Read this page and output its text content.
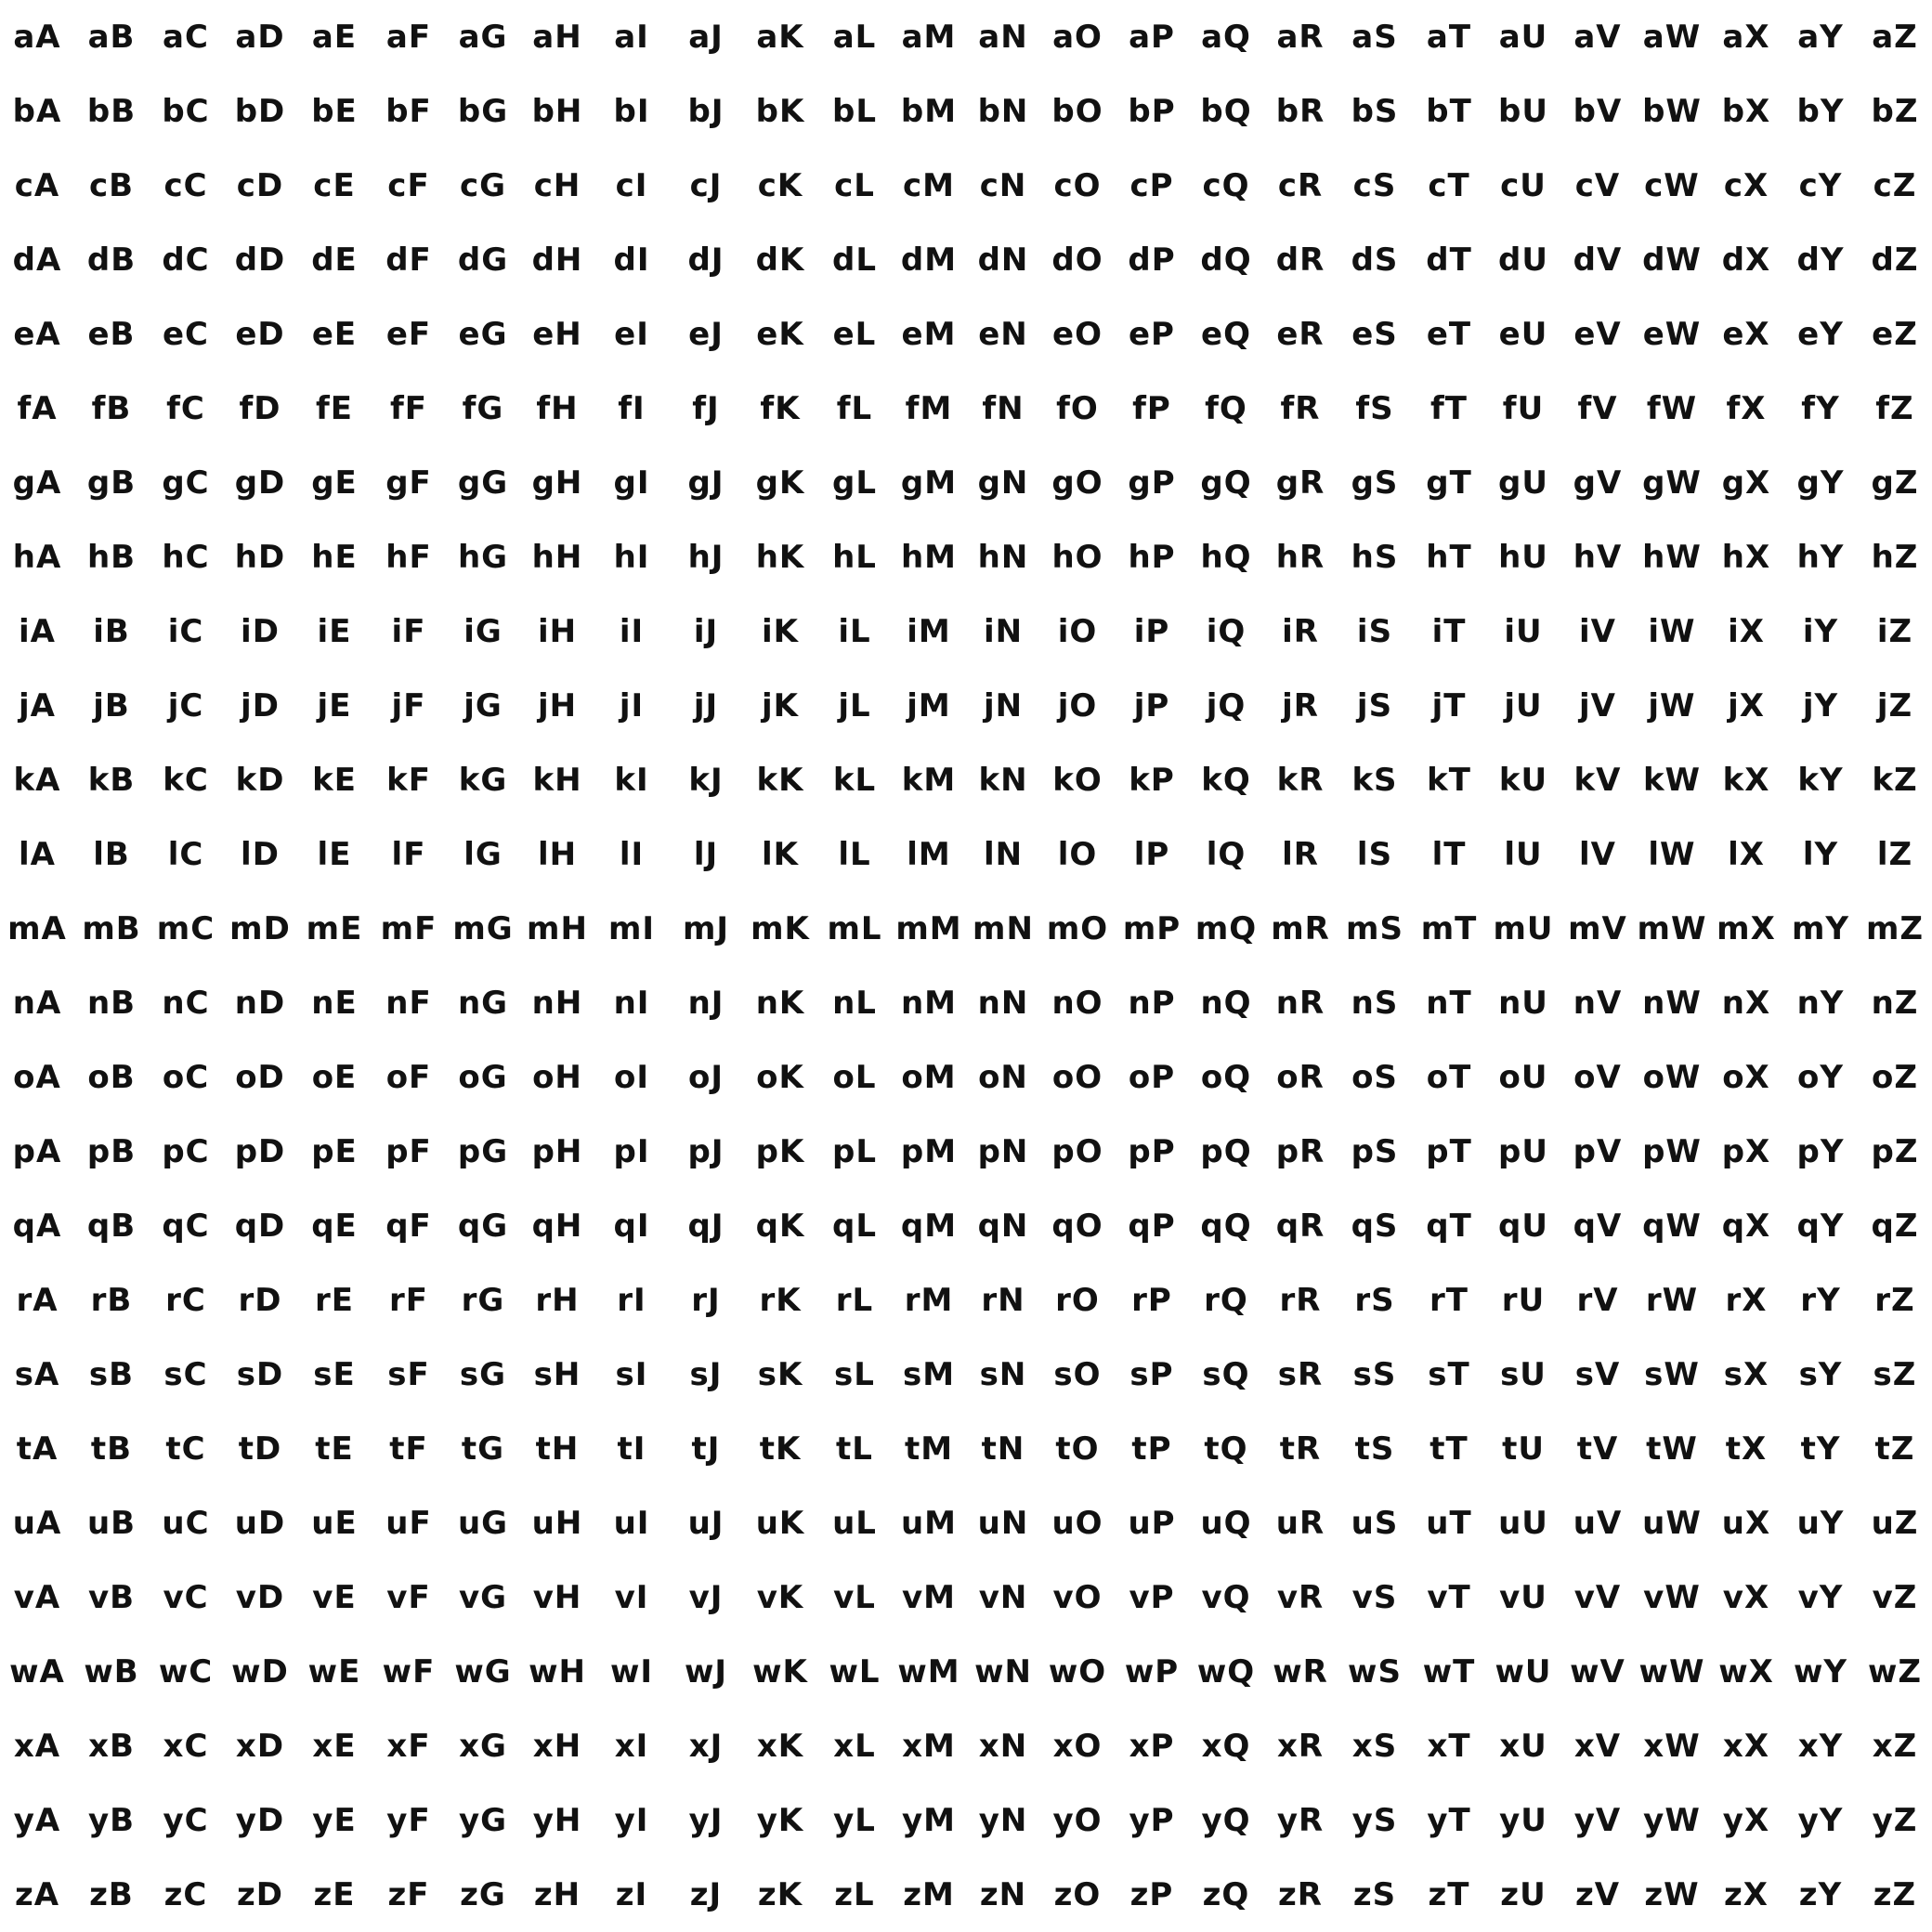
aA aB aC aD aE aF aG aH	aI	aJ	aK aL aM aN aO aP aQ aR aS aT aU aV aW aX aY aZ
bA bB bC bD bE bF bG bH bI	bJ	bK bL bM bN bO bP bQ bR bS bT bU bV bW bX bY bZ
cA cB cC cD cE	cF cG cH	cI	cJ	cK cL cM cN cO cP cQ cR cS cT cU cV cW cX cY cZ
dA dB dC dD dE dF dG dH dI	dJ	dK dL dM dN dO dP dQ dR dS dT dU dV dW dX dY dZ
eA eB eC eD eE eF eG eH	eI	eJ	eK eL eM eN eO eP eQ eR eS eT eU eV eW eX eY eZ
fA	fB	fC	fD	fE	fF	fG	fH	fI	fJ	fK	fL	fM fN	fO	fP	fQ	fR	fS	fT	fU	fV fW fX	fY	fZ
gA gB gC gD gE gF gG gH gI	gJ	gK gL gM gN gO gP gQ gR gS gT gU gV gW gX gY gZ
hA hB hC hD hE hF hG hH hI	hJ	hK hL hM hN hO hP hQ hR hS hT hU hV hW hX hY hZ
iA	iB	iC	iD	iE	iF	iG	iH	iI	iJ	iK	iL	iM	iN	iO	iP	iQ	iR	iS	iT	iU	iV	iW	iX	iY	iZ
jA	jB	jC	jD	jE	jF	jG	jH	jI	jJ	jK	jL	jM	jN	jO	jP	jQ	jR	jS	jT	jU	jV	jW	jX	jY	jZ
kA kB kC kD kE kF kG kH	kI	kJ	kK kL kM kN kO kP kQ kR kS kT kU kV kW kX kY kZ
lA	lB	lC	lD	lE	lF	lG	lH	lI	lJ	lK	lL	lM	lN	lO	lP	lQ	lR	lS	lT	lU	lV	lW	lX	lY	lZ
mA mB mC mD mE mF mG mH mI mJ mK mL mM mN mO mP mQ mR mS mT mU mV mW mX mY mZ
nA nB nC nD nE nF nG nH nI	nJ	nK nL nM nN nO nP nQ nR nS nT nU nV nW nX nY nZ
oA oB oC oD oE oF oG oH	oI	oJ	oK oL oM oN oO oP oQ oR oS oT oU oV oW oX oY oZ
pA pB pC pD pE pF pG pH pI	pJ	pK pL pM pN pO pP pQ pR pS pT pU pV pW pX pY pZ
qA qB qC qD qE qF qG qH qI	qJ	qK qL qM qN qO qP qQ qR qS qT qU qV qW qX qY qZ
rA	rB	rC	rD	rE	rF	rG rH	rI	rJ	rK	rL rM rN rO	rP	rQ rR	rS	rT	rU	rV rW rX	rY	rZ
sA sB sC sD sE	sF sG sH	sI	sJ	sK sL sM sN sO sP sQ sR sS sT sU sV sW sX sY sZ
tA	tB	tC	tD	tE	tF	tG tH	tI	tJ	tK	tL	tM tN tO	tP	tQ	tR	tS	tT	tU	tV tW tX	tY	tZ
uA uB uC uD uE uF uG uH uI	uJ	uK uL uM uN uO uP uQ uR uS uT uU uV uW uX uY uZ
vA vB vC vD vE vF vG vH	vI	vJ	vK vL vM vN vO vP vQ vR vS vT vU vV vW vX vY vZ
wA wB wC wD wE wF wG wH wI wJ wK wL wM wN wO wP wQ wR wS wT wU wV wW wX wY wZ
xA xB xC xD xE xF xG xH	xI	xJ	xK xL xM xN xO xP xQ xR xS xT xU xV xW xX xY xZ
yA yB yC yD yE yF yG yH	yI	yJ	yK yL yM yN yO yP yQ yR yS yT yU yV yW yX yY yZ
zA zB zC zD zE	zF zG zH	zI	zJ	zK	zL zM zN zO zP zQ zR zS	zT zU zV zW zX zY zZ
